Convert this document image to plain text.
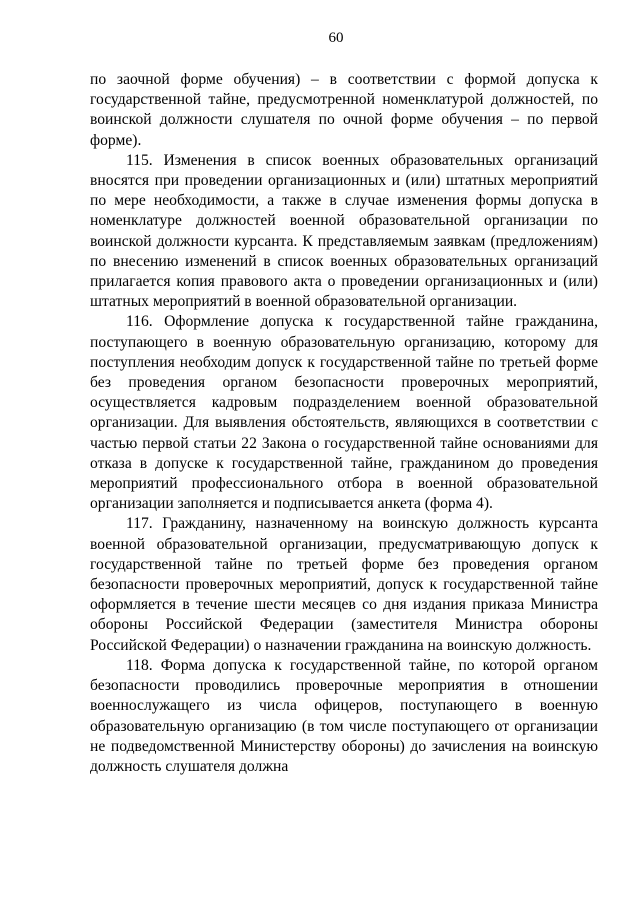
60

по заочной форме обучения) – в соответствии с формой допуска к государственной тайне, предусмотренной номенклатурой должностей, по воинской должности слушателя по очной форме обучения – по первой форме).

115. Изменения в список военных образовательных организаций вносятся при проведении организационных и (или) штатных мероприятий по мере необходимости, а также в случае изменения формы допуска в номенклатуре должностей военной образовательной организации по воинской должности курсанта. К представляемым заявкам (предложениям) по внесению изменений в список военных образовательных организаций прилагается копия правового акта о проведении организационных и (или) штатных мероприятий в военной образовательной организации.

116. Оформление допуска к государственной тайне гражданина, поступающего в военную образовательную организацию, которому для поступления необходим допуск к государственной тайне по третьей форме без проведения органом безопасности проверочных мероприятий, осуществляется кадровым подразделением военной образовательной организации. Для выявления обстоятельств, являющихся в соответствии с частью первой статьи 22 Закона о государственной тайне основаниями для отказа в допуске к государственной тайне, гражданином до проведения мероприятий профессионального отбора в военной образовательной организации заполняется и подписывается анкета (форма 4).

117. Гражданину, назначенному на воинскую должность курсанта военной образовательной организации, предусматривающую допуск к государственной тайне по третьей форме без проведения органом безопасности проверочных мероприятий, допуск к государственной тайне оформляется в течение шести месяцев со дня издания приказа Министра обороны Российской Федерации (заместителя Министра обороны Российской Федерации) о назначении гражданина на воинскую должность.

118. Форма допуска к государственной тайне, по которой органом безопасности проводились проверочные мероприятия в отношении военнослужащего из числа офицеров, поступающего в военную образовательную организацию (в том числе поступающего от организации не подведомственной Министерству обороны) до зачисления на воинскую должность слушателя должна
